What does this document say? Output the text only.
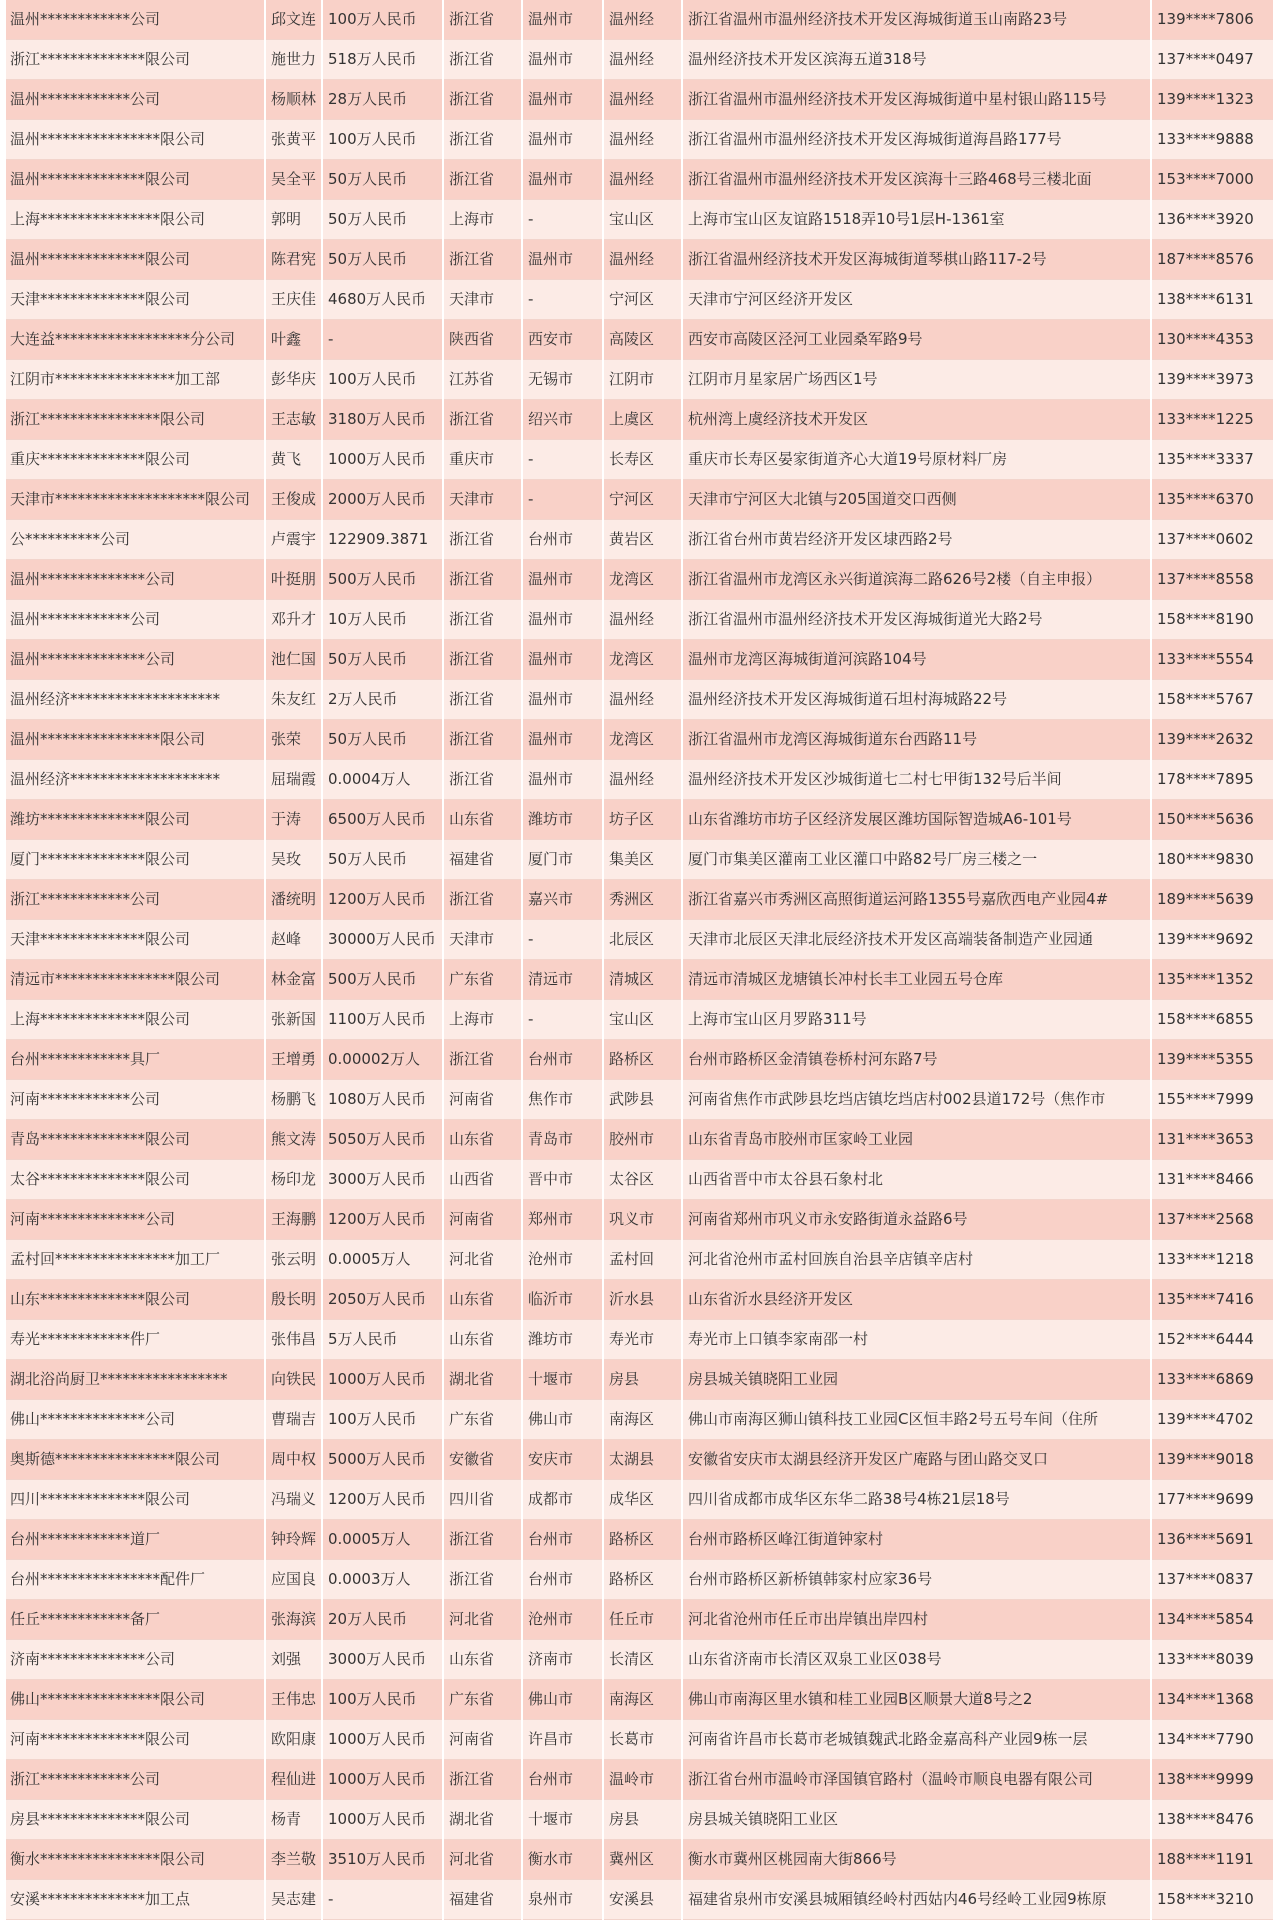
温州************公司	邱文连	100万人民币	浙江省	温州市	温州经	浙江省温州市温州经济技术开发区海城街道玉山南路23号	139****7806
浙江**************限公司	施世力	518万人民币	浙江省	温州市	温州经	温州经济技术开发区滨海五道318号	137****0497
温州************公司	杨顺林	28万人民币	浙江省	温州市	温州经	浙江省温州市温州经济技术开发区海城街道中星村银山路115号	139****1323
温州****************限公司	张黄平	100万人民币	浙江省	温州市	温州经	浙江省温州市温州经济技术开发区海城街道海昌路177号	133****9888
温州**************限公司	吴全平	50万人民币	浙江省	温州市	温州经	浙江省温州市温州经济技术开发区滨海十三路468号三楼北面	153****7000
上海****************限公司	郭明	50万人民币	上海市	-	宝山区	上海市宝山区友谊路1518弄10号1层H-1361室	136****3920
温州**************限公司	陈君宪	50万人民币	浙江省	温州市	温州经	浙江省温州经济技术开发区海城街道琴棋山路117-2号	187****8576
天津**************限公司	王庆佳	4680万人民币	天津市	-	宁河区	天津市宁河区经济开发区	138****6131
大连益******************分公司	叶鑫	-	陕西省	西安市	高陵区	西安市高陵区泾河工业园桑军路9号	130****4353
江阴市****************加工部	彭华庆	100万人民币	江苏省	无锡市	江阴市	江阴市月星家居广场西区1号	139****3973
浙江****************限公司	王志敏	3180万人民币	浙江省	绍兴市	上虞区	杭州湾上虞经济技术开发区	133****1225
重庆**************限公司	黄飞	1000万人民币	重庆市	-	长寿区	重庆市长寿区晏家街道齐心大道19号原材料厂房	135****3337
天津市********************限公司	王俊成	2000万人民币	天津市	-	宁河区	天津市宁河区大北镇与205国道交口西侧	135****6370
公**********公司	卢震宇	122909.3871	浙江省	台州市	黄岩区	浙江省台州市黄岩经济开发区埭西路2号	137****0602
温州**************公司	叶挺朋	500万人民币	浙江省	温州市	龙湾区	浙江省温州市龙湾区永兴街道滨海二路626号2楼（自主申报）	137****8558
温州************公司	邓升才	10万人民币	浙江省	温州市	温州经	浙江省温州市温州经济技术开发区海城街道光大路2号	158****8190
温州**************公司	池仁国	50万人民币	浙江省	温州市	龙湾区	温州市龙湾区海城街道河滨路104号	133****5554
温州经济********************	朱友红	2万人民币	浙江省	温州市	温州经	温州经济技术开发区海城街道石坦村海城路22号	158****5767
温州****************限公司	张荣	50万人民币	浙江省	温州市	龙湾区	浙江省温州市龙湾区海城街道东台西路11号	139****2632
温州经济********************	屈瑞霞	0.0004万人	浙江省	温州市	温州经	温州经济技术开发区沙城街道七二村七甲街132号后半间	178****7895
潍坊**************限公司	于涛	6500万人民币	山东省	潍坊市	坊子区	山东省潍坊市坊子区经济发展区潍坊国际智造城A6-101号	150****5636
厦门**************限公司	吴玫	50万人民币	福建省	厦门市	集美区	厦门市集美区灌南工业区灌口中路82号厂房三楼之一	180****9830
浙江************公司	潘统明	1200万人民币	浙江省	嘉兴市	秀洲区	浙江省嘉兴市秀洲区高照街道运河路1355号嘉欣西电产业园4#	189****5639
天津**************限公司	赵峰	30000万人民币	天津市	-	北辰区	天津市北辰区天津北辰经济技术开发区高端装备制造产业园通	139****9692
清远市****************限公司	林金富	500万人民币	广东省	清远市	清城区	清远市清城区龙塘镇长冲村长丰工业园五号仓库	135****1352
上海**************限公司	张新国	1100万人民币	上海市	-	宝山区	上海市宝山区月罗路311号	158****6855
台州************具厂	王增勇	0.00002万人	浙江省	台州市	路桥区	台州市路桥区金清镇卷桥村河东路7号	139****5355
河南************公司	杨鹏飞	1080万人民币	河南省	焦作市	武陟县	河南省焦作市武陟县圪垱店镇圪垱店村002县道172号（焦作市	155****7999
青岛**************限公司	熊文涛	5050万人民币	山东省	青岛市	胶州市	山东省青岛市胶州市匡家岭工业园	131****3653
太谷**************限公司	杨印龙	3000万人民币	山西省	晋中市	太谷区	山西省晋中市太谷县石象村北	131****8466
河南**************公司	王海鹏	1200万人民币	河南省	郑州市	巩义市	河南省郑州市巩义市永安路街道永益路6号	137****2568
孟村回****************加工厂	张云明	0.0005万人	河北省	沧州市	孟村回	河北省沧州市孟村回族自治县辛店镇辛店村	133****1218
山东**************限公司	殷长明	2050万人民币	山东省	临沂市	沂水县	山东省沂水县经济开发区	135****7416
寿光************件厂	张伟昌	5万人民币	山东省	潍坊市	寿光市	寿光市上口镇李家南邵一村	152****6444
湖北浴尚厨卫*****************	向铁民	1000万人民币	湖北省	十堰市	房县	房县城关镇晓阳工业园	133****6869
佛山**************公司	曹瑞吉	100万人民币	广东省	佛山市	南海区	佛山市南海区狮山镇科技工业园C区恒丰路2号五号车间（住所	139****4702
奥斯德****************限公司	周中权	5000万人民币	安徽省	安庆市	太湖县	安徽省安庆市太湖县经济开发区广庵路与团山路交叉口	139****9018
四川**************限公司	冯瑞义	1200万人民币	四川省	成都市	成华区	四川省成都市成华区东华二路38号4栋21层18号	177****9699
台州************道厂	钟玲辉	0.0005万人	浙江省	台州市	路桥区	台州市路桥区峰江街道钟家村	136****5691
台州****************配件厂	应国良	0.0003万人	浙江省	台州市	路桥区	台州市路桥区新桥镇韩家村应家36号	137****0837
任丘************备厂	张海滨	20万人民币	河北省	沧州市	任丘市	河北省沧州市任丘市出岸镇出岸四村	134****5854
济南**************公司	刘强	3000万人民币	山东省	济南市	长清区	山东省济南市长清区双泉工业区038号	133****8039
佛山****************限公司	王伟忠	100万人民币	广东省	佛山市	南海区	佛山市南海区里水镇和桂工业园B区顺景大道8号之2	134****1368
河南**************限公司	欧阳康	1000万人民币	河南省	许昌市	长葛市	河南省许昌市长葛市老城镇魏武北路金嘉高科产业园9栋一层	134****7790
浙江************公司	程仙进	1000万人民币	浙江省	台州市	温岭市	浙江省台州市温岭市泽国镇官路村（温岭市顺良电器有限公司	138****9999
房县**************限公司	杨青	1000万人民币	湖北省	十堰市	房县	房县城关镇晓阳工业区	138****8476
衡水****************限公司	李兰敬	3510万人民币	河北省	衡水市	冀州区	衡水市冀州区桃园南大街866号	188****1191
安溪**************加工点	吴志建	-	福建省	泉州市	安溪县	福建省泉州市安溪县城厢镇经岭村西姑内46号经岭工业园9栋原	158****3210
